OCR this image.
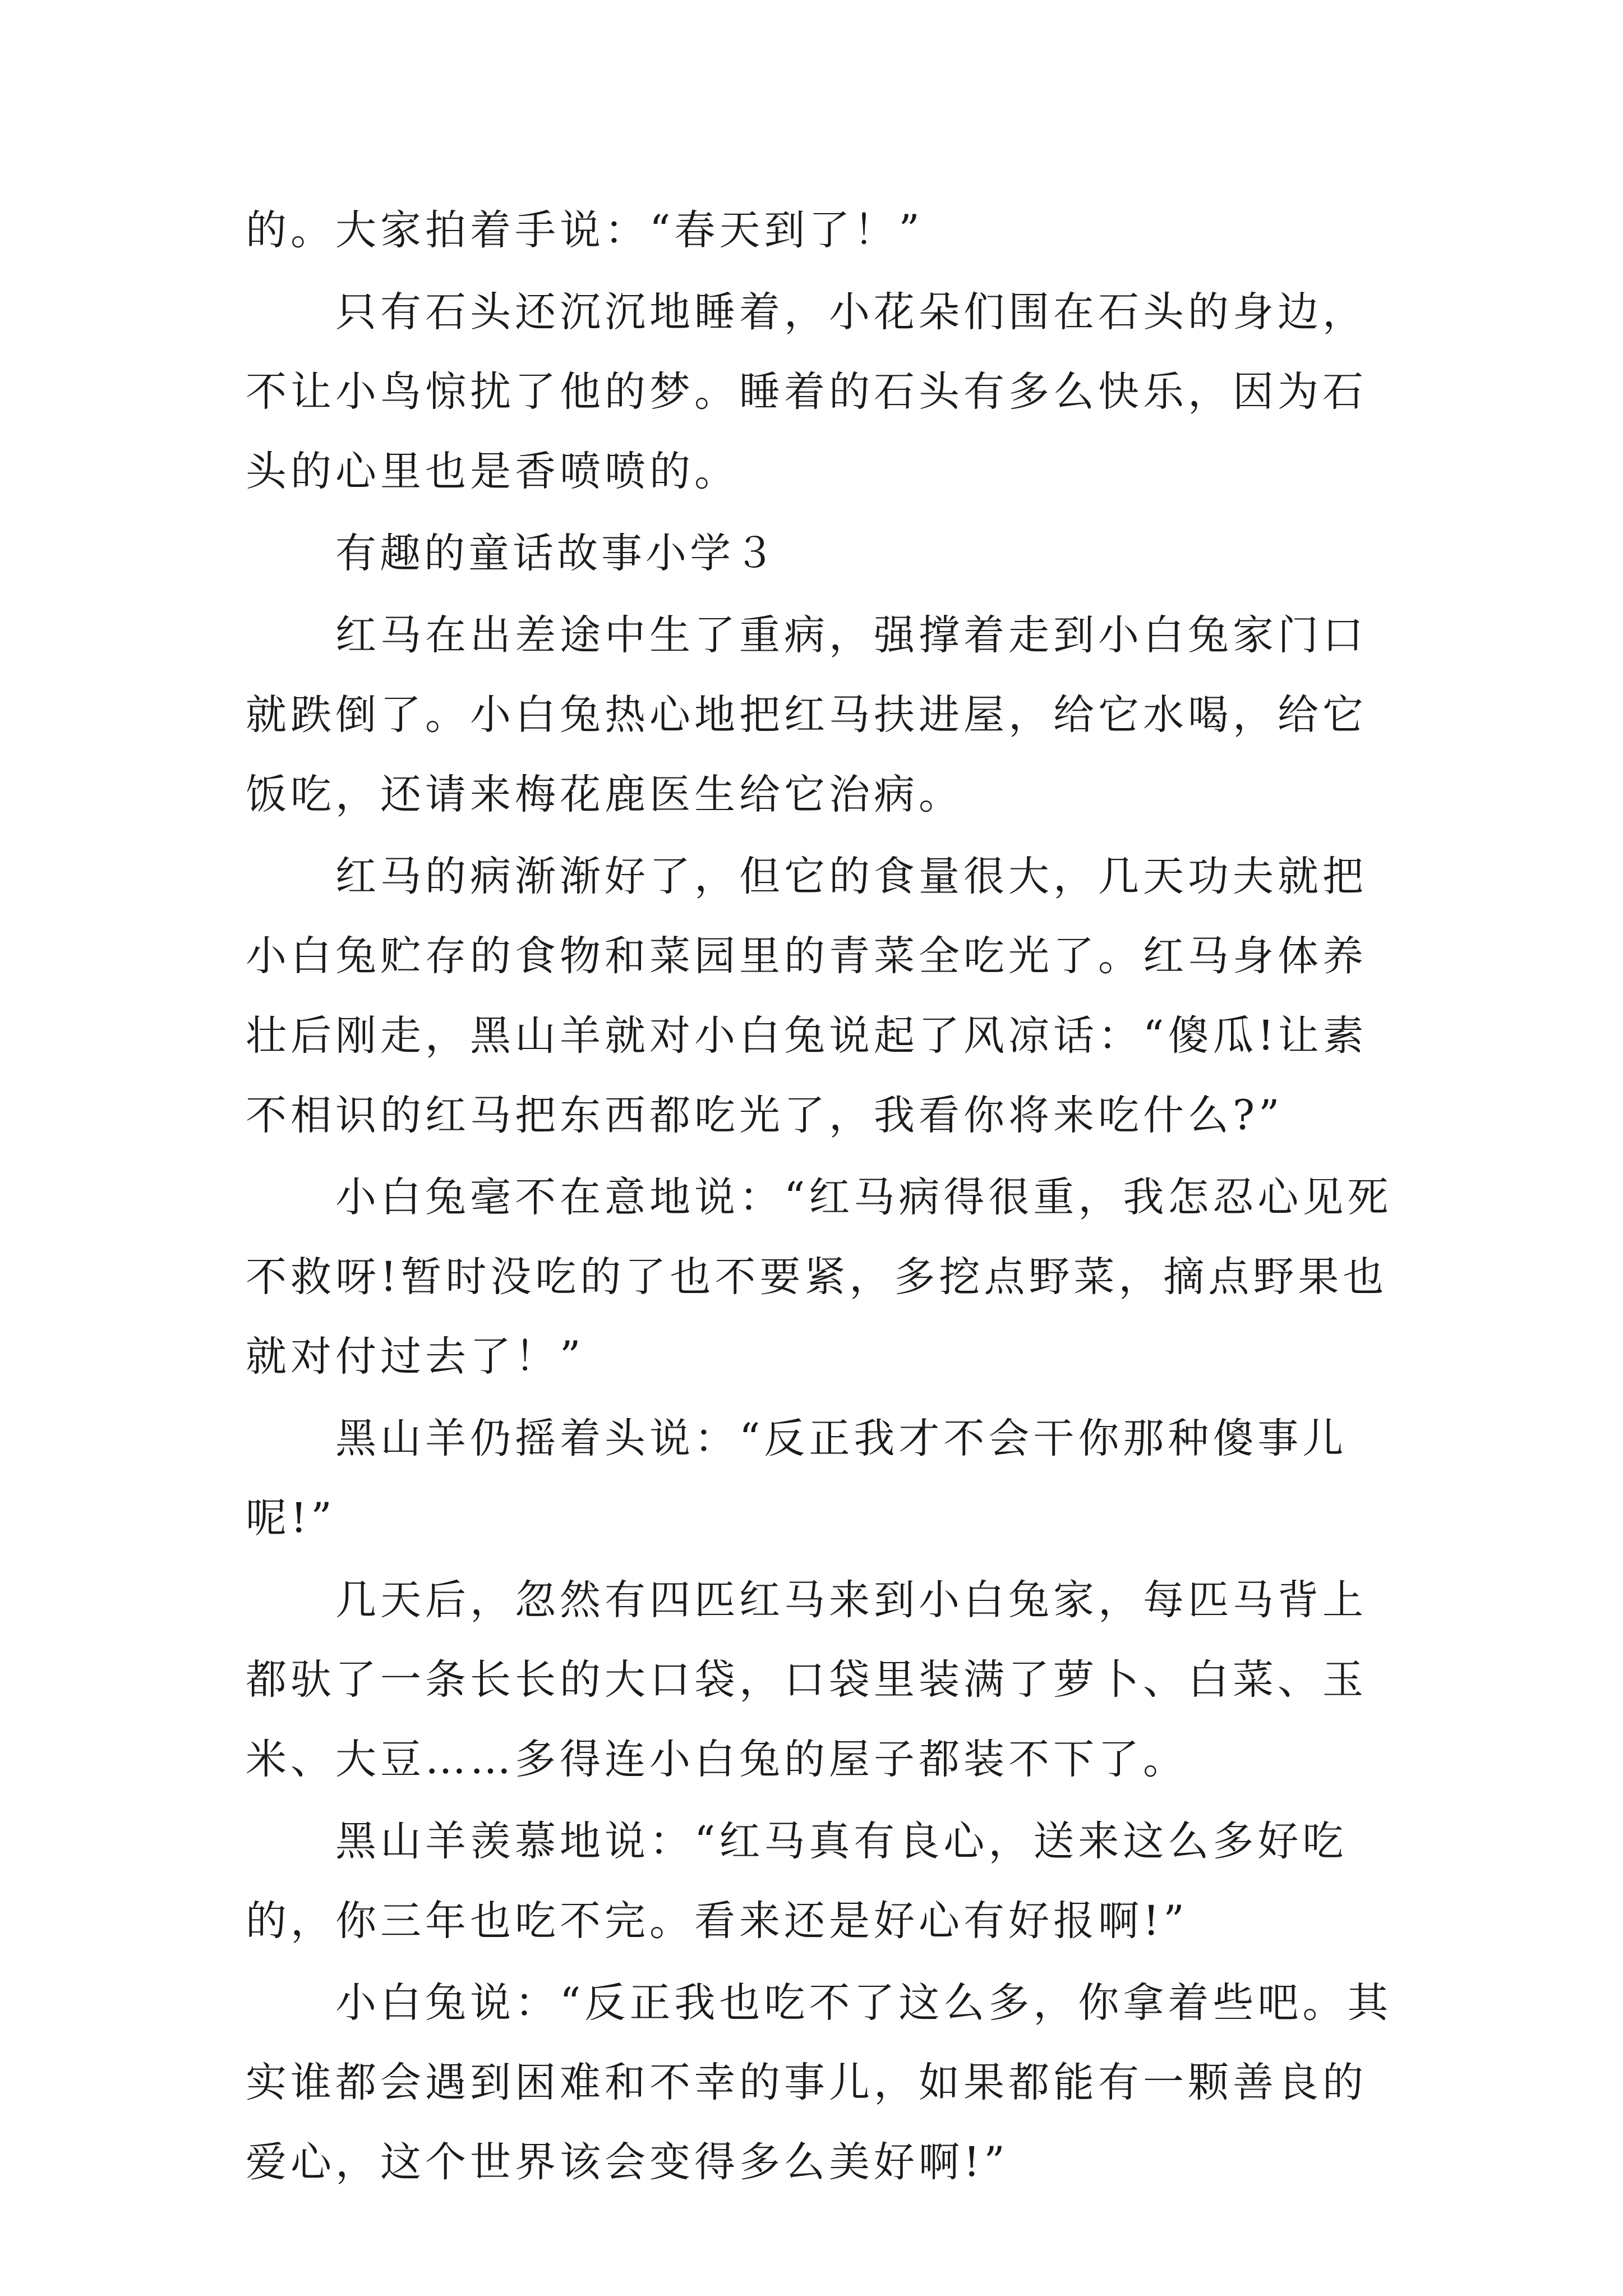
的。大家拍着手说：“春天到了！”

只有石头还沉沉地睡着，小花朵们围在石头的身边，不让小鸟惊扰了他的梦。睡着的石头有多么快乐，因为石头的心里也是香喷喷的。

有趣的童话故事小学３

红马在出差途中生了重病，强撑着走到小白兔家门口就跌倒了。小白兔热心地把红马扶进屋，给它水喝，给它饭吃，还请来梅花鹿医生给它治病。

红马的病渐渐好了，但它的食量很大，几天功夫就把小白兔贮存的食物和菜园里的青菜全吃光了。红马身体养壮后刚走，黑山羊就对小白兔说起了风凉话：“傻瓜!让素不相识的红马把东西都吃光了，我看你将来吃什么?”

小白兔毫不在意地说：“红马病得很重，我怎忍心见死不救呀!暂时没吃的了也不要紧，多挖点野菜，摘点野果也就对付过去了！”

黑山羊仍摇着头说：“反正我才不会干你那种傻事儿呢!”

几天后，忽然有四匹红马来到小白兔家，每匹马背上都驮了一条长长的大口袋，口袋里装满了萝卜、白菜、玉米、大豆……多得连小白兔的屋子都装不下了。

黑山羊羡慕地说：“红马真有良心，送来这么多好吃的，你三年也吃不完。看来还是好心有好报啊!”

小白兔说：“反正我也吃不了这么多，你拿着些吧。其实谁都会遇到困难和不幸的事儿，如果都能有一颗善良的爱心，这个世界该会变得多么美好啊!”
